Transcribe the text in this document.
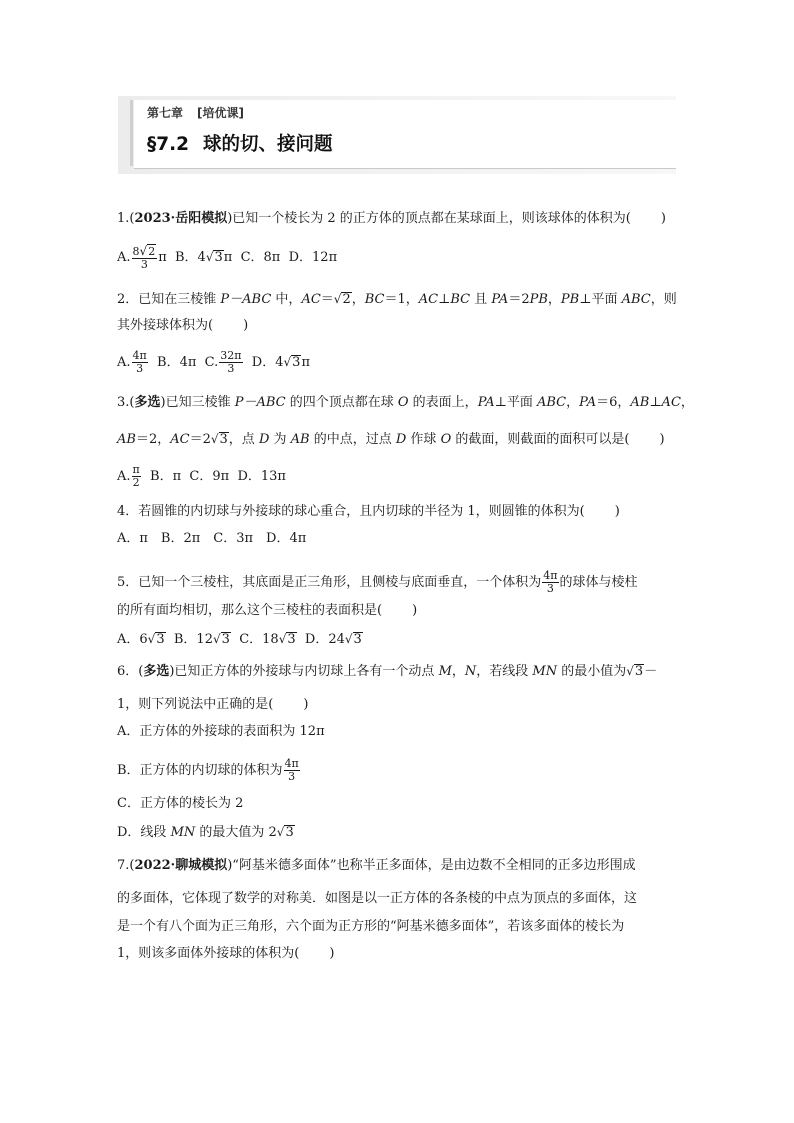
第七章 [培优课]
§7.2 球的切、接问题
1.(2023·岳阳模拟)已知一个棱长为 2 的正方体的顶点都在某球面上，则该球体的体积为( )
A. $\frac{8√2}{3}$ π B．4√3π C．8π D．12π
2．已知在三棱锥 P－ABC 中，AC＝√2，BC＝1，AC⊥BC 且 PA＝2PB，PB⊥平面 ABC，则
其外接球体积为( )
A. $\frac{4\pi}{3}$ B．4π C. $\frac{32\pi}{3}$ D．4√3π
3.(多选)已知三棱锥 P－ABC 的四个顶点都在球 O 的表面上，PA⊥平面 ABC，PA＝6，AB⊥AC，
AB＝2，AC＝2√3，点 D 为 AB 的中点，过点 D 作球 O 的截面，则截面的面积可以是( )
A. $\frac{\pi}{2}$ B．π C．9π D．13π
4．若圆锥的内切球与外接球的球心重合，且内切球的半径为 1，则圆锥的体积为( )
A．π　B．2π　C．3π　D．4π
5．已知一个三棱柱，其底面是正三角形，且侧棱与底面垂直，一个体积为 $\frac{4\pi}{3}$ 的球体与棱柱
的所有面均相切，那么这个三棱柱的表面积是( )
A．6√3 B．12√3 C．18√3 D．24√3
6．(多选)已知正方体的外接球与内切球上各有一个动点 M，N，若线段 MN 的最小值为√3－
1，则下列说法中正确的是( )
A．正方体的外接球的表面积为 12π
B．正方体的内切球的体积为 $\frac{4\pi}{3}$
C．正方体的棱长为 2
D．线段 MN 的最大值为 2√3
7.(2022·聊城模拟)“阿基米德多面体”也称半正多面体，是由边数不全相同的正多边形围成
的多面体，它体现了数学的对称美．如图是以一正方体的各条棱的中点为顶点的多面体，这
是一个有八个面为正三角形，六个面为正方形的“阿基米德多面体”，若该多面体的棱长为
1，则该多面体外接球的体积为( )
